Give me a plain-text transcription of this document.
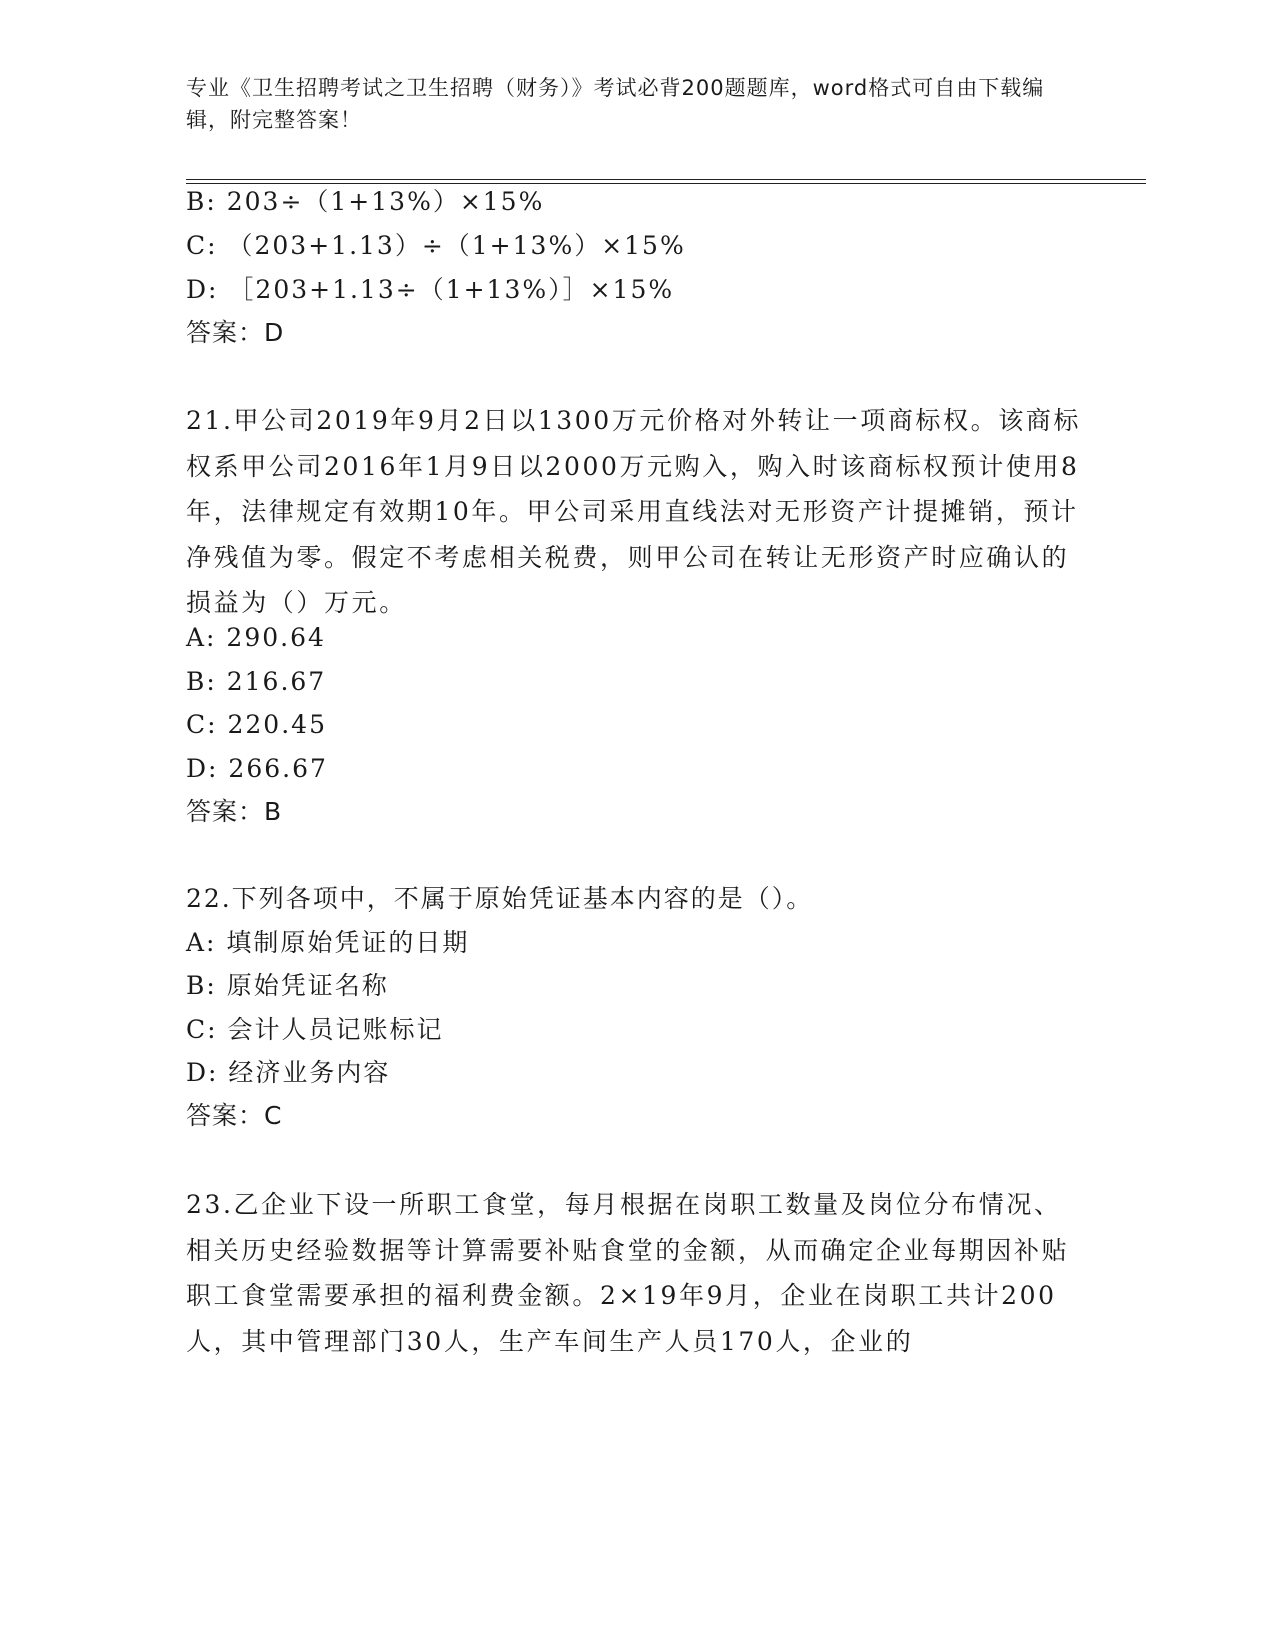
专业《卫生招聘考试之卫生招聘（财务）》考试必背200题题库，word格式可自由下载编辑，附完整答案！
B: 203÷（1+13%）×15%
C: （203+1.13）÷（1+13%）×15%
D: ［203+1.13÷（1+13%）］×15%
答案：D
21.甲公司2019年9月2日以1300万元价格对外转让一项商标权。该商标权系甲公司2016年1月9日以2000万元购入，购入时该商标权预计使用8年，法律规定有效期10年。甲公司采用直线法对无形资产计提摊销，预计净残值为零。假定不考虑相关税费，则甲公司在转让无形资产时应确认的损益为（）万元。
A: 290.64
B: 216.67
C: 220.45
D: 266.67
答案：B
22.下列各项中，不属于原始凭证基本内容的是（）。
A: 填制原始凭证的日期
B: 原始凭证名称
C: 会计人员记账标记
D: 经济业务内容
答案：C
23.乙企业下设一所职工食堂，每月根据在岗职工数量及岗位分布情况、相关历史经验数据等计算需要补贴食堂的金额，从而确定企业每期因补贴职工食堂需要承担的福利费金额。2×19年9月，企业在岗职工共计200人，其中管理部门30人，生产车间生产人员170人，企业的
